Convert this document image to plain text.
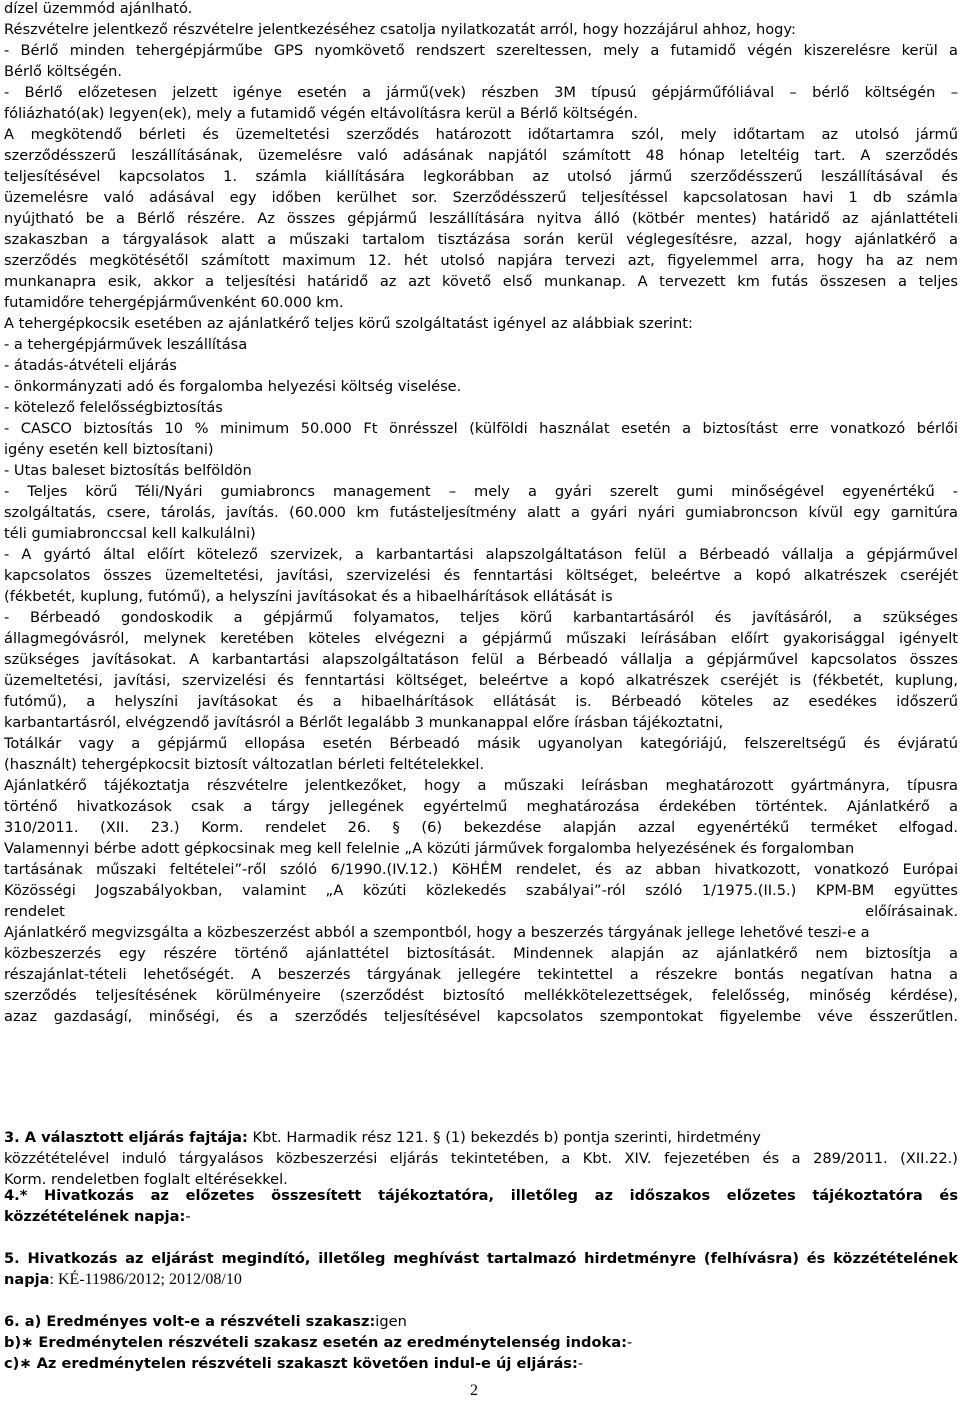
dízel üzemmód ajánlható.
Részvételre jelentkező részvételre jelentkezéséhez csatolja nyilatkozatát arról, hogy hozzájárul ahhoz, hogy:
- Bérlő minden tehergépjárműbe GPS nyomkövető rendszert szereltessen, mely a futamidő végén kiszerelésre kerül a
Bérlő költségén.
- Bérlő előzetesen jelzett igénye esetén a jármű(vek) részben 3M típusú gépjárműfóliával – bérlő költségén –
fóliázható(ak) legyen(ek), mely a futamidő végén eltávolításra kerül a Bérlő költségén.
A megkötendő bérleti és üzemeltetési szerződés határozott időtartamra szól, mely időtartam az utolsó jármű
szerződésszerű leszállításának, üzemelésre való adásának napjától számított 48 hónap leteltéig tart. A szerződés
teljesítésével kapcsolatos 1. számla kiállítására legkorábban az utolsó jármű szerződésszerű leszállításával és
üzemelésre való adásával egy időben kerülhet sor. Szerződésszerű teljesítéssel kapcsolatosan havi 1 db számla
nyújtható be a Bérlő részére. Az összes gépjármű leszállítására nyitva álló (kötbér mentes) határidő az ajánlattételi
szakaszban a tárgyalások alatt a műszaki tartalom tisztázása során kerül véglegesítésre, azzal, hogy ajánlatkérő a
szerződés megkötésétől számított maximum 12. hét utolsó napjára tervezi azt, figyelemmel arra, hogy ha az nem
munkanapra esik, akkor a teljesítési határidő az azt követő első munkanap. A tervezett km futás összesen a teljes
futamidőre tehergépjárművenként 60.000 km.
A tehergépkocsik esetében az ajánlatkérő teljes körű szolgáltatást igényel az alábbiak szerint:
- a tehergépjárművek leszállítása
- átadás-átvételi eljárás
- önkormányzati adó és forgalomba helyezési költség viselése.
- kötelező felelősségbiztosítás
- CASCO biztosítás 10 % minimum 50.000 Ft önrésszel (külföldi használat esetén a biztosítást erre vonatkozó bérlői
igény esetén kell biztosítani)
- Utas baleset biztosítás belföldön
- Teljes körű Téli/Nyári gumiabroncs management – mely a gyári szerelt gumi minőségével egyenértékű -
szolgáltatás, csere, tárolás, javítás. (60.000 km futásteljesítmény alatt a gyári nyári gumiabroncson kívül egy garnitúra
téli gumiabronccsal kell kalkulálni)
- A gyártó által előírt kötelező szervizek, a karbantartási alapszolgáltatáson felül a Bérbeadó vállalja a gépjárművel
kapcsolatos összes üzemeltetési, javítási, szervizelési és fenntartási költséget, beleértve a kopó alkatrészek cseréjét
(fékbetét, kuplung, futómű), a helyszíni javításokat és a hibaelhárítások ellátását is
- Bérbeadó gondoskodik a gépjármű folyamatos, teljes körű karbantartásáról és javításáról, a szükséges
állagmegóvásról, melynek keretében köteles elvégezni a gépjármű műszaki leírásában előírt gyakorisággal igényelt
szükséges javításokat. A karbantartási alapszolgáltatáson felül a Bérbeadó vállalja a gépjárművel kapcsolatos összes
üzemeltetési, javítási, szervizelési és fenntartási költséget, beleértve a kopó alkatrészek cseréjét is (fékbetét, kuplung,
futómű), a helyszíni javításokat és a hibaelhárítások ellátását is. Bérbeadó köteles az esedékes időszerű
karbantartásról, elvégzendő javításról a Bérlőt legalább 3 munkanappal előre írásban tájékoztatni,
Totálkár vagy a gépjármű ellopása esetén Bérbeadó másik ugyanolyan kategóriájú, felszereltségű és évjáratú
(használt) tehergépkocsit biztosít változatlan bérleti feltételekkel.
Ajánlatkérő tájékoztatja részvételre jelentkezőket, hogy a műszaki leírásban meghatározott gyártmányra, típusra
történő hivatkozások csak a tárgy jellegének egyértelmű meghatározása érdekében történtek. Ajánlatkérő a
310/2011. (XII. 23.) Korm. rendelet 26. § (6) bekezdése alapján azzal egyenértékű terméket elfogad.
Valamennyi bérbe adott gépkocsinak meg kell felelnie „A közúti járművek forgalomba helyezésének és forgalomban
tartásának műszaki feltételei”-ről szóló 6/1990.(IV.12.) KöHÉM rendelet, és az abban hivatkozott, vonatkozó Európai
Közösségi Jogszabályokban, valamint „A közúti közlekedés szabályai”-ról szóló 1/1975.(II.5.) KPM-BM együttes
rendelet előírásainak.
Ajánlatkérő megvizsgálta a közbeszerzést abból a szempontból, hogy a beszerzés tárgyának jellege lehetővé teszi-e a
közbeszerzés egy részére történő ajánlattétel biztosítását. Mindennek alapján az ajánlatkérő nem biztosítja a
részajánlat-tételi lehetőségét. A beszerzés tárgyának jellegére tekintettel a részekre bontás negatívan hatna a
szerződés teljesítésének körülményeire (szerződést biztosító mellékkötelezettségek, felelősség, minőség kérdése),
azaz gazdaságí, minőségi, és a szerződés teljesítésével kapcsolatos szempontokat figyelembe véve ésszerűtlen.
3. A választott eljárás fajtája: Kbt. Harmadik rész 121. § (1) bekezdés b) pontja szerinti, hirdetmény
közzétételével induló tárgyalásos közbeszerzési eljárás tekintetében, a Kbt. XIV. fejezetében és a 289/2011. (XII.22.)
Korm. rendeletben foglalt eltérésekkel.
4.* Hivatkozás az előzetes összesített tájékoztatóra, illetőleg az időszakos előzetes tájékoztatóra és
közzétételének napja:-
5. Hivatkozás az eljárást megindító, illetőleg meghívást tartalmazó hirdetményre (felhívásra) és közzétételének
napja: KÉ-11986/2012; 2012/08/10
6. a) Eredményes volt-e a részvételi szakasz:igen
b)∗ Eredménytelen részvételi szakasz esetén az eredménytelenség indoka:-
c)∗ Az eredménytelen részvételi szakaszt követően indul-e új eljárás:-
2
